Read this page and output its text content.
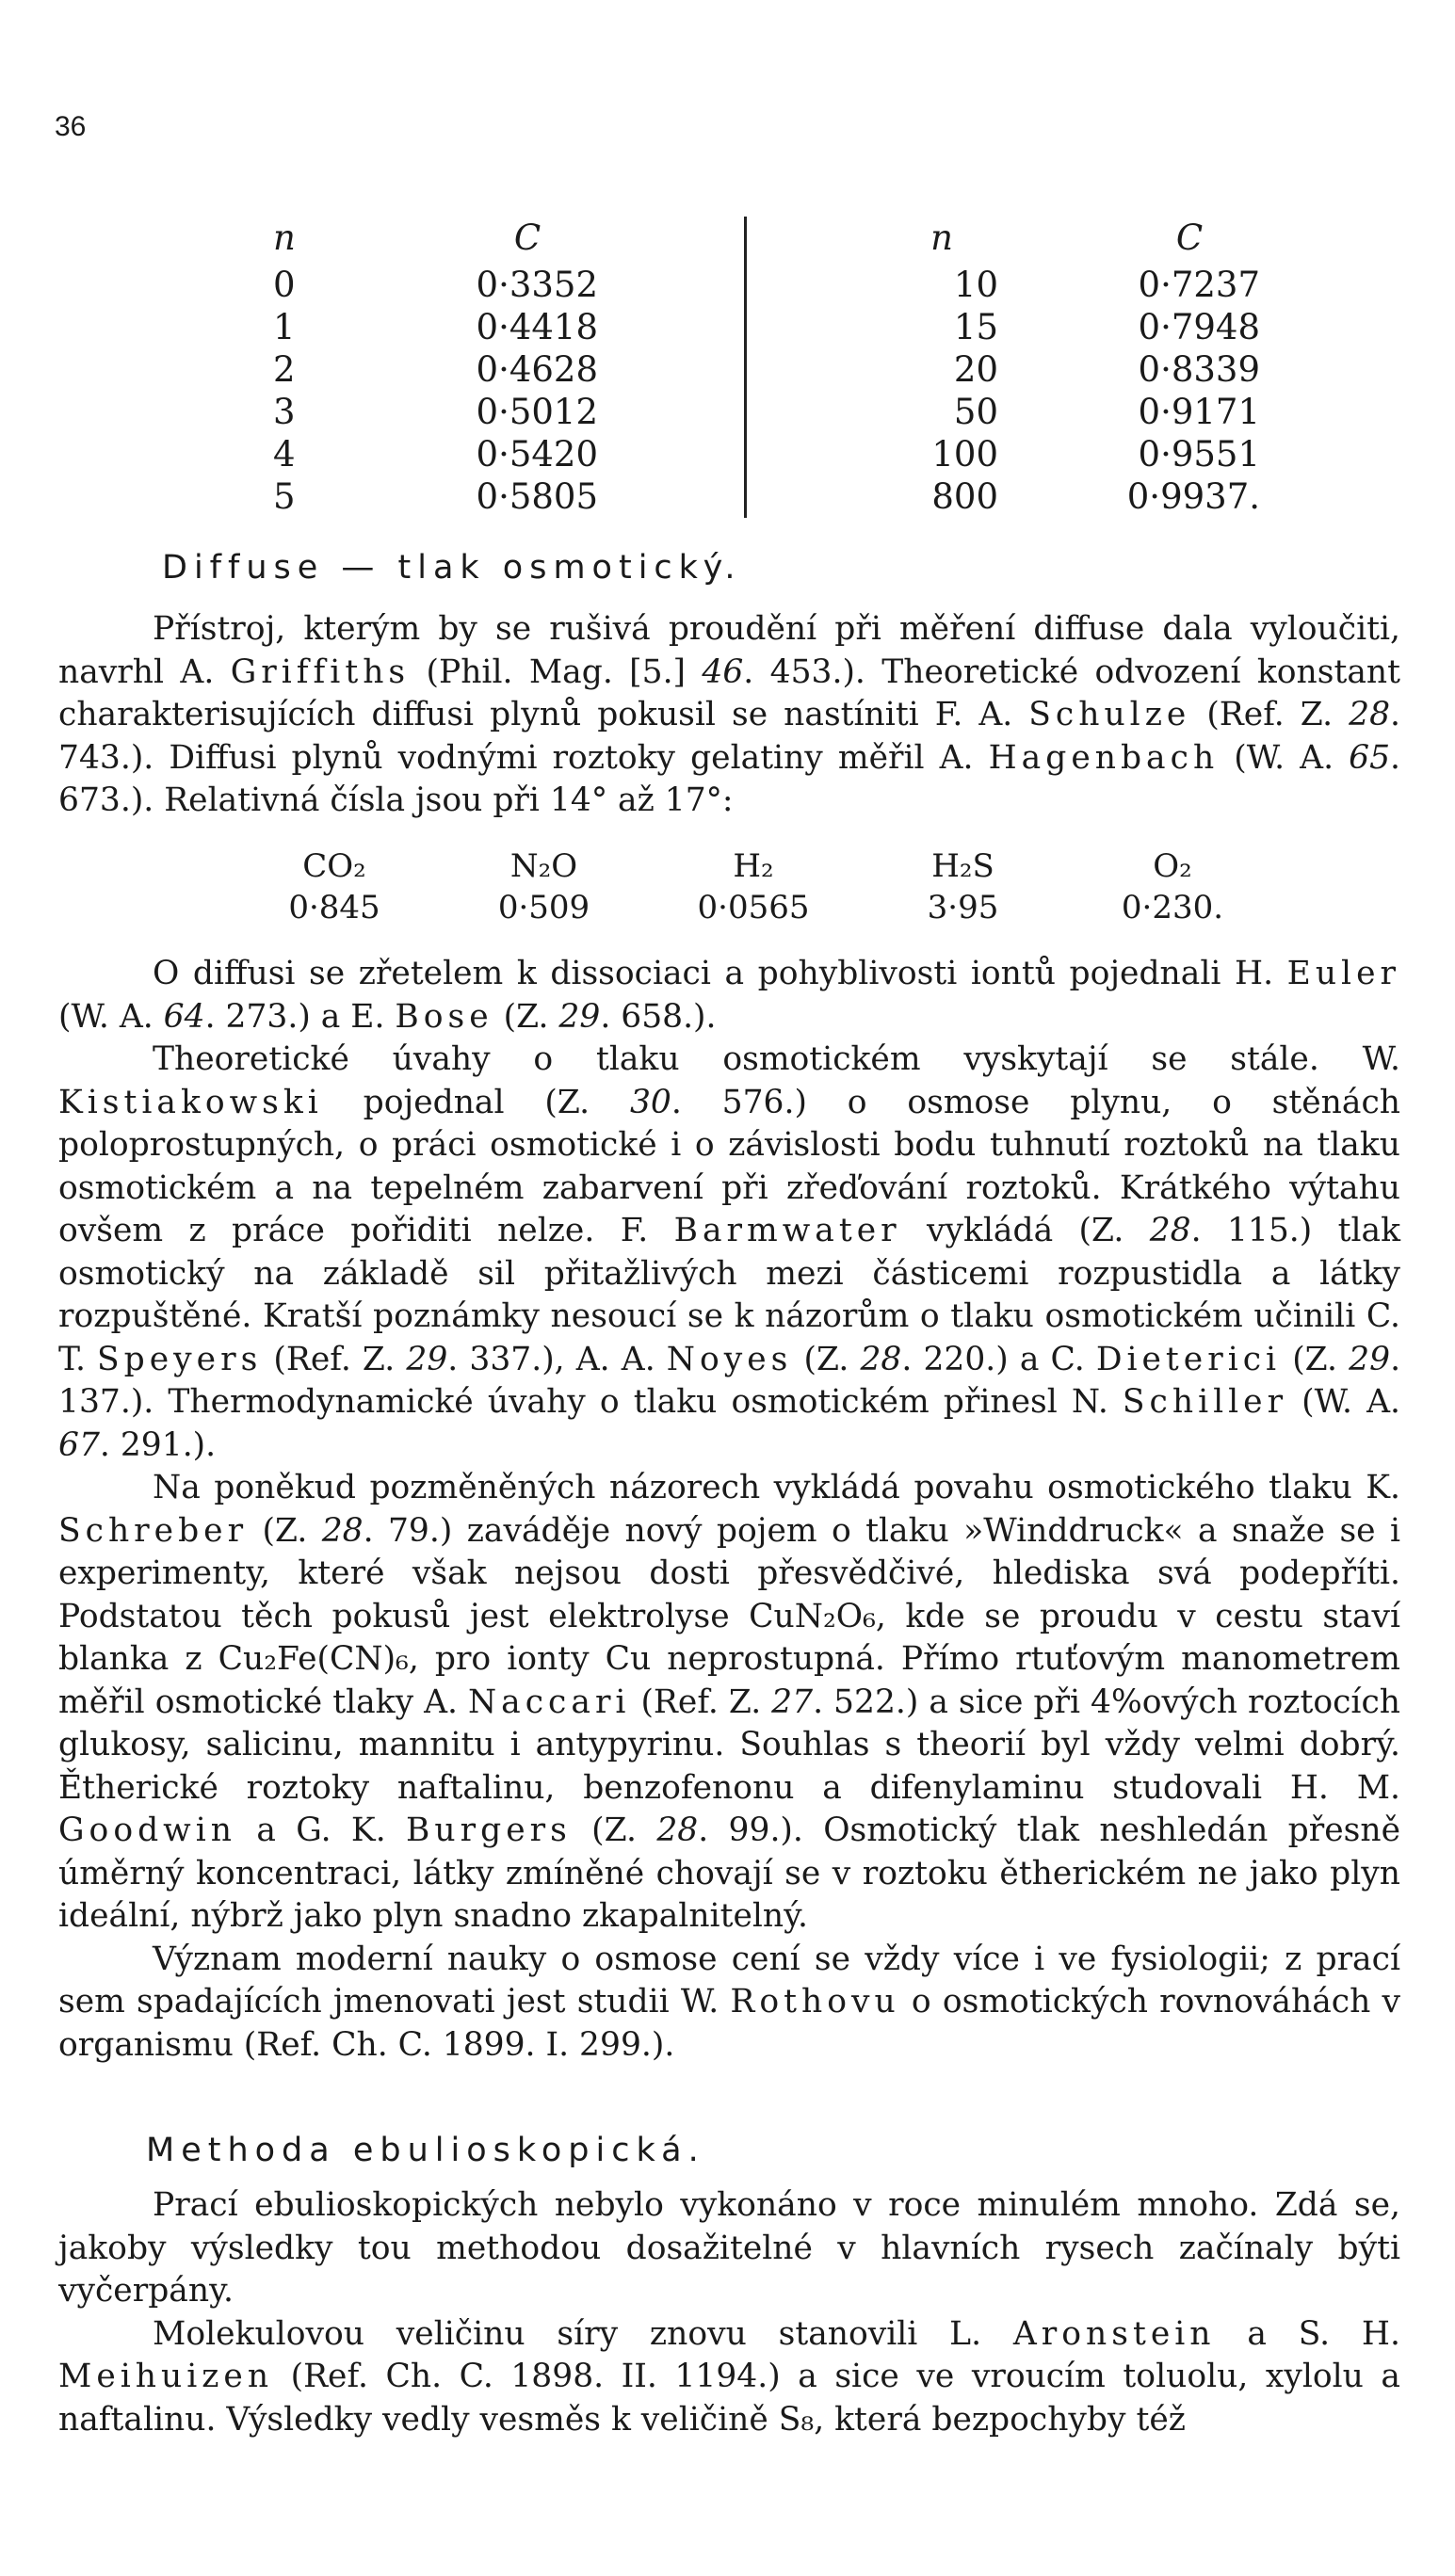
36
n
0
1
2
3
4
5
C
0·3352
0·4418
0·4628
0·5012
0·5420
0·5805
n
10
15
20
50
100
800
C
0·7237
0·7948
0·8339
0·9171
0·9551
0·9937.
Diffuse — tlak osmotický.

Přístroj, kterým by se rušivá proudění při měření diffuse dala vyloučiti, navrhl A. Griffiths (Phil. Mag. [5.] 46. 453.). Theoretické odvození konstant charakterisujících diffusi plynů pokusil se nastíniti F. A. Schulze (Ref. Z. 28. 743.). Diffusi plynů vodnými roztoky gelatiny měřil A. Hagenbach (W. A. 65. 673.). Relativná čísla jsou při 14° až 17°:

CO₂
0·845
N₂O
0·509
H₂
0·0565
H₂S
3·95
O₂
0·230.

O diffusi se zřetelem k dissociaci a pohyblivosti iontů pojednali H. Euler (W. A. 64. 273.) a E. Bose (Z. 29. 658.).

Theoretické úvahy o tlaku osmotickém vyskytají se stále. W. Kistiakowski pojednal (Z. 30. 576.) o osmose plynu, o stěnách poloprostupných, o práci osmotické i o závislosti bodu tuhnutí roztoků na tlaku osmotickém a na tepelném zabarvení při zřeďování roztoků. Krátkého výtahu ovšem z práce pořiditi nelze. F. Barmwater vykládá (Z. 28. 115.) tlak osmotický na základě sil přitažlivých mezi částicemi rozpustidla a látky rozpuštěné. Kratší poznámky nesoucí se k názorům o tlaku osmotickém učinili C. T. Speyers (Ref. Z. 29. 337.), A. A. Noyes (Z. 28. 220.) a C. Dieterici (Z. 29. 137.). Thermodynamické úvahy o tlaku osmotickém přinesl N. Schiller (W. A. 67. 291.).

Na poněkud pozměněných názorech vykládá povahu osmotického tlaku K. Schreber (Z. 28. 79.) zaváděje nový pojem o tlaku »Winddruck« a snaže se i experimenty, které však nejsou dosti přesvědčivé, hlediska svá podepříti. Podstatou těch pokusů jest elektrolyse CuN₂O₆, kde se proudu v cestu staví blanka z Cu₂Fe(CN)₆, pro ionty Cu neprostupná. Přímo rtuťovým manometrem měřil osmotické tlaky A. Naccari (Ref. Z. 27. 522.) a sice při 4%ových roztocích glukosy, salicinu, mannitu i antypyrinu. Souhlas s theorií byl vždy velmi dobrý. Ětherické roztoky naftalinu, benzofenonu a difenylaminu studovali H. M. Goodwin a G. K. Burgers (Z. 28. 99.). Osmotický tlak neshledán přesně úměrný koncentraci, látky zmíněné chovají se v roztoku ětherickém ne jako plyn ideální, nýbrž jako plyn snadno zkapalnitelný.

Význam moderní nauky o osmose cení se vždy více i ve fysiologii; z prací sem spadajících jmenovati jest studii W. Rothovu o osmotických rovnováhách v organismu (Ref. Ch. C. 1899. I. 299.).

Methoda ebulioskopická.

Prací ebulioskopických nebylo vykonáno v roce minulém mnoho. Zdá se, jakoby výsledky tou methodou dosažitelné v hlavních rysech začínaly býti vyčerpány.

Molekulovou veličinu síry znovu stanovili L. Aronstein a S. H. Meihuizen (Ref. Ch. C. 1898. II. 1194.) a sice ve vroucím toluolu, xylolu a naftalinu. Výsledky vedly vesměs k veličině S₈, která bezpochyby též
